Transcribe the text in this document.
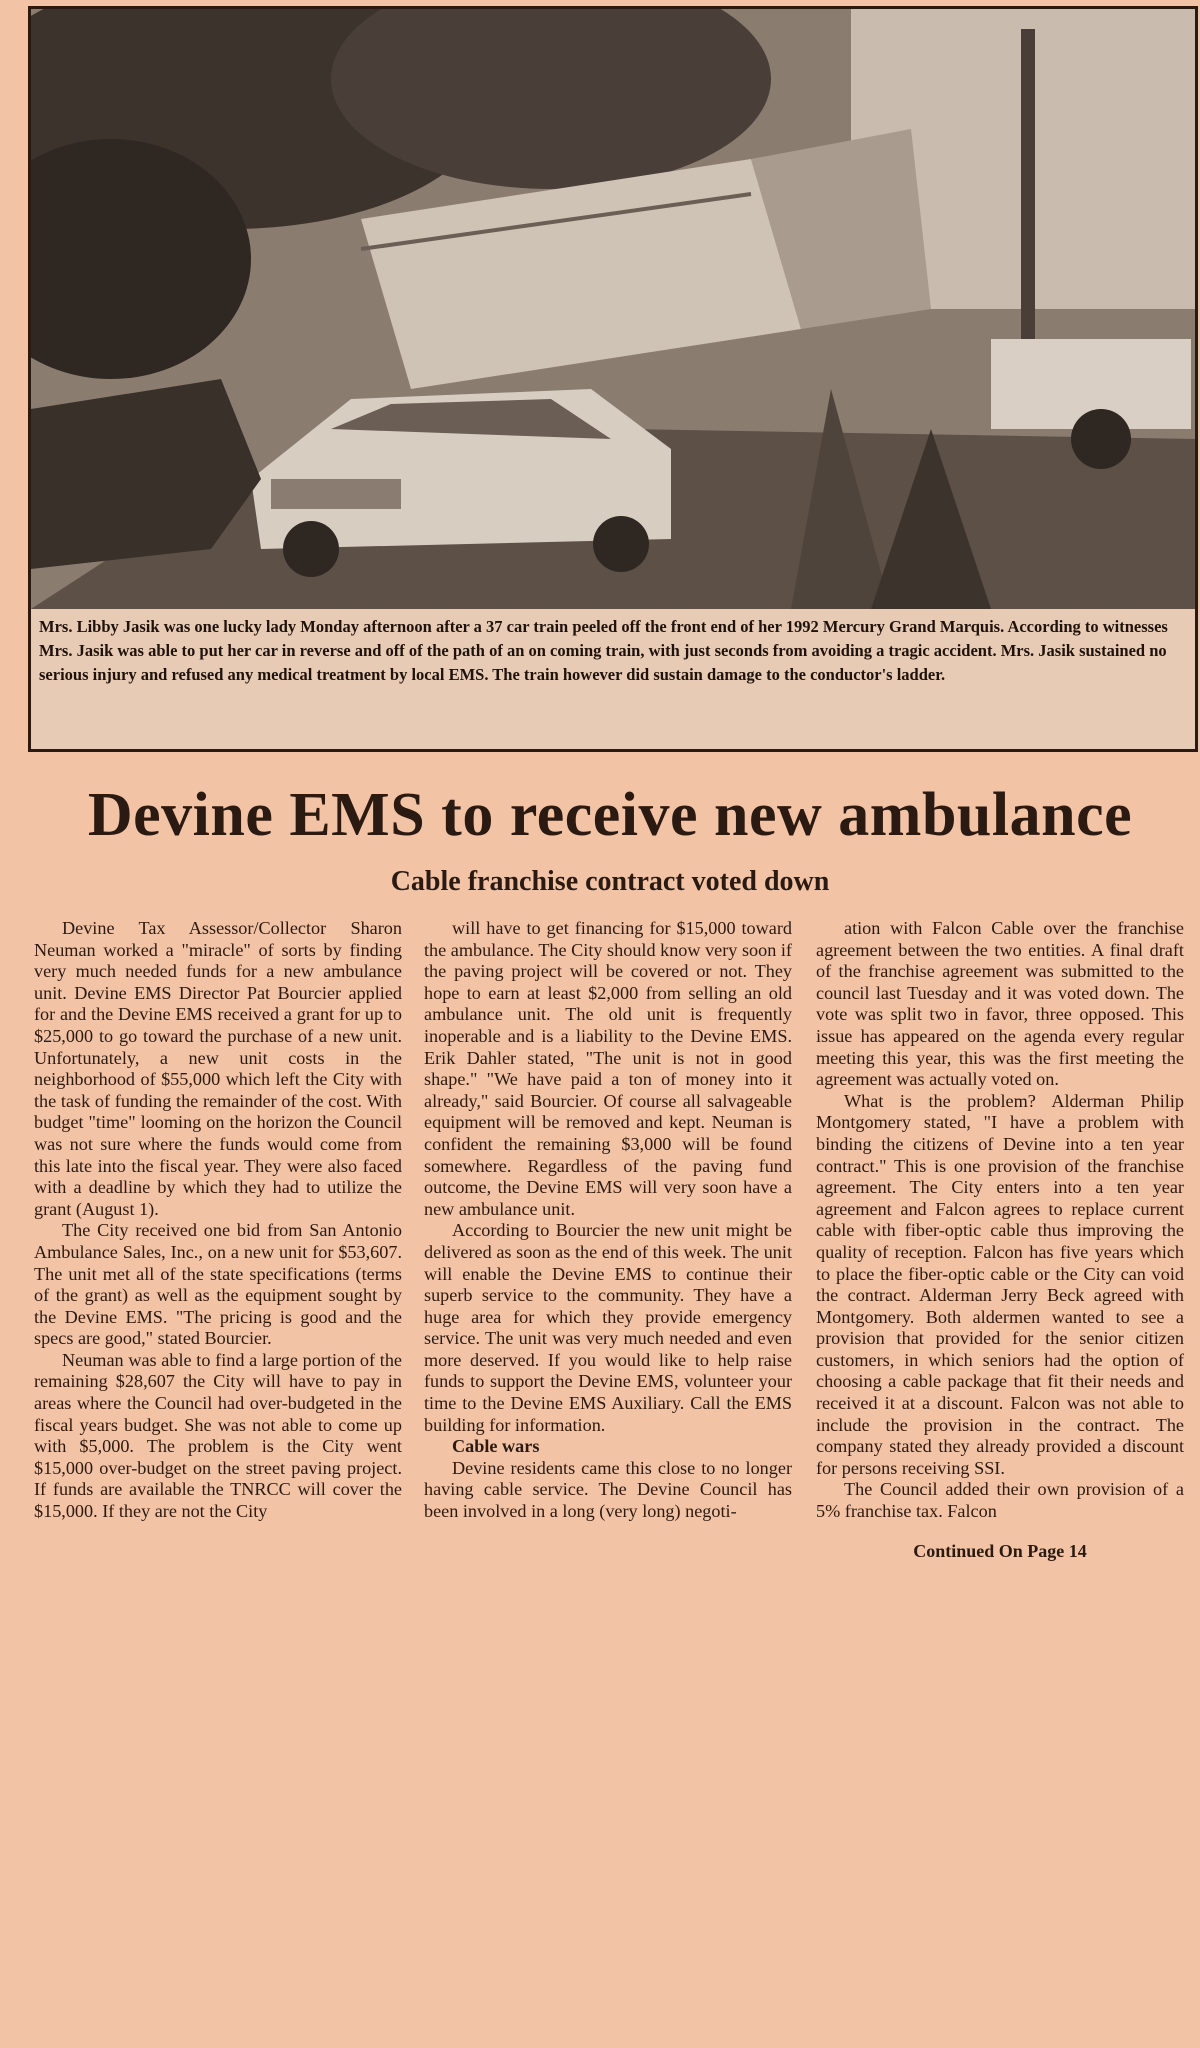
Mrs. Libby Jasik was one lucky lady Monday afternoon after a 37 car train peeled off the front end of her 1992 Mercury Grand Marquis. According to witnesses Mrs. Jasik was able to put her car in reverse and off of the path of an on coming train, with just seconds from avoiding a tragic accident. Mrs. Jasik sustained no serious injury and refused any medical treatment by local EMS. The train however did sustain damage to the conductor's ladder.
Devine EMS to receive new ambulance
Cable franchise contract voted down

Devine Tax Assessor/Collector Sharon Neuman worked a "miracle" of sorts by finding very much needed funds for a new ambulance unit. Devine EMS Director Pat Bourcier applied for and the Devine EMS received a grant for up to $25,000 to go toward the purchase of a new unit. Unfortunately, a new unit costs in the neighborhood of $55,000 which left the City with the task of funding the remainder of the cost. With budget "time" looming on the horizon the Council was not sure where the funds would come from this late into the fiscal year. They were also faced with a deadline by which they had to utilize the grant (August 1).

The City received one bid from San Antonio Ambulance Sales, Inc., on a new unit for $53,607. The unit met all of the state specifications (terms of the grant) as well as the equipment sought by the Devine EMS. "The pricing is good and the specs are good," stated Bourcier.

Neuman was able to find a large portion of the remaining $28,607 the City will have to pay in areas where the Council had over-budgeted in the fiscal years budget. She was not able to come up with $5,000. The problem is the City went $15,000 over-budget on the street paving project. If funds are available the TNRCC will cover the $15,000. If they are not the City

will have to get financing for $15,000 toward the ambulance. The City should know very soon if the paving project will be covered or not. They hope to earn at least $2,000 from selling an old ambulance unit. The old unit is frequently inoperable and is a liability to the Devine EMS. Erik Dahler stated, "The unit is not in good shape." "We have paid a ton of money into it already," said Bourcier. Of course all salvageable equipment will be removed and kept. Neuman is confident the remaining $3,000 will be found somewhere. Regardless of the paving fund outcome, the Devine EMS will very soon have a new ambulance unit.

According to Bourcier the new unit might be delivered as soon as the end of this week. The unit will enable the Devine EMS to continue their superb service to the community. They have a huge area for which they provide emergency service. The unit was very much needed and even more deserved. If you would like to help raise funds to support the Devine EMS, volunteer your time to the Devine EMS Auxiliary. Call the EMS building for information.

Cable wars

Devine residents came this close to no longer having cable service. The Devine Council has been involved in a long (very long) negoti-

ation with Falcon Cable over the franchise agreement between the two entities. A final draft of the franchise agreement was submitted to the council last Tuesday and it was voted down. The vote was split two in favor, three opposed. This issue has appeared on the agenda every regular meeting this year, this was the first meeting the agreement was actually voted on.

What is the problem? Alderman Philip Montgomery stated, "I have a problem with binding the citizens of Devine into a ten year contract." This is one provision of the franchise agreement. The City enters into a ten year agreement and Falcon agrees to replace current cable with fiber-optic cable thus improving the quality of reception. Falcon has five years which to place the fiber-optic cable or the City can void the contract. Alderman Jerry Beck agreed with Montgomery. Both aldermen wanted to see a provision that provided for the senior citizen customers, in which seniors had the option of choosing a cable package that fit their needs and received it at a discount. Falcon was not able to include the provision in the contract. The company stated they already provided a discount for persons receiving SSI.

The Council added their own provision of a 5% franchise tax. Falcon

Continued On Page 14
